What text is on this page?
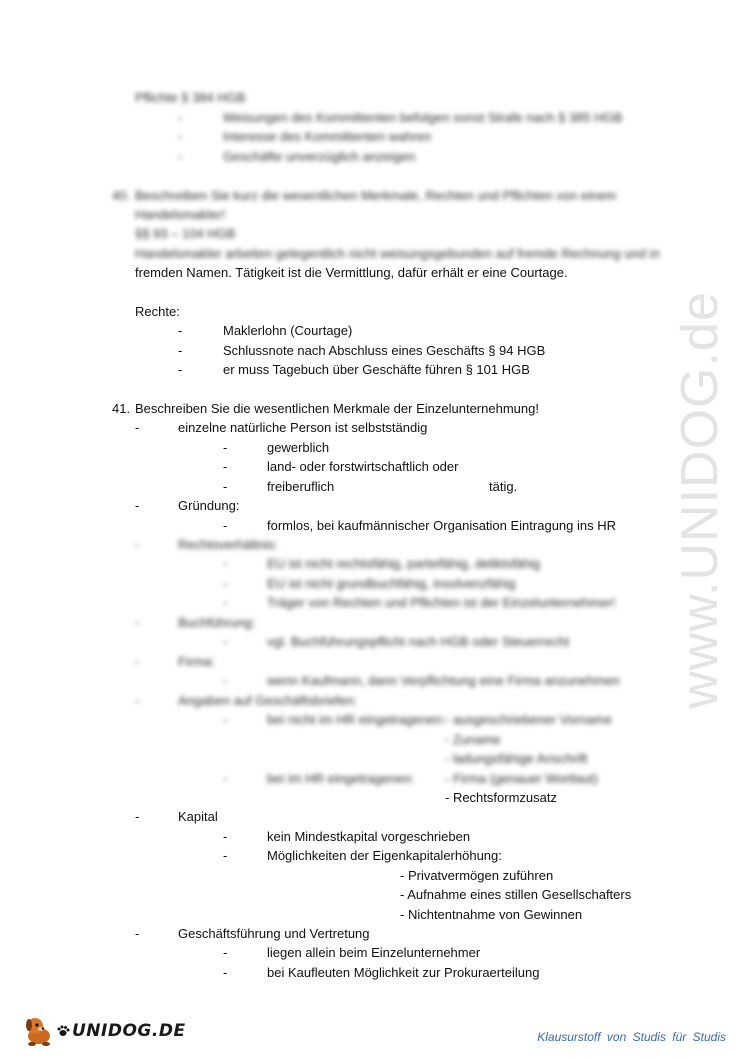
www.UNIDOG.de
Pflichte § 384 HGB
-	Weisungen des Kommittenten befolgen sonst Strafe nach § 385 HGB
-	Interesse des Kommittenten wahren
-	Geschäfte unverzüglich anzeigen
40. Beschreiben Sie kurz die wesentlichen Merkmale, Rechten und Pflichten von einem
Handelsmakler!
§§ 93 – 104 HGB
Handelsmakler arbeiten gelegentlich nicht weisungsgebunden auf fremde Rechnung und in
fremden Namen. Tätigkeit ist die Vermittlung, dafür erhält er eine Courtage.
Rechte:
-	Maklerlohn (Courtage)
-	Schlussnote nach Abschluss eines Geschäfts § 94 HGB
-	er muss Tagebuch über Geschäfte führen § 101 HGB
41. Beschreiben Sie die wesentlichen Merkmale der Einzelunternehmung!
-	einzelne natürliche Person ist selbstständig
-	gewerblich
-	land- oder forstwirtschaftlich oder
-	freiberuflich	tätig.
-	Gründung:
-	formlos, bei kaufmännischer Organisation Eintragung ins HR
-	Rechtsverhältnis:
-	EU ist nicht rechtsfähig, parteifähig, deliktsfähig
-	EU ist nicht grundbuchfähig, insolvenzfähig
-	Träger von Rechten und Pflichten ist der Einzelunternehmer!
-	Buchführung:
-	vgl. Buchführungspflicht nach HGB oder Steuerrecht
-	Firma:
-	wenn Kaufmann, dann Verpflichtung eine Firma anzunehmen
-	Angaben auf Geschäftsbriefen:
-	bei nicht im HR eingetragenen: - ausgeschriebener Vorname
- Zuname
- ladungsfähige Anschrift
-	bei im HR eingetragenen: - Firma (genauer Wortlaut)
- Rechtsformzusatz
-	Kapital
-	kein Mindestkapital vorgeschrieben
-	Möglichkeiten der Eigenkapitalerhöhung:
- Privatvermögen zuführen
- Aufnahme eines stillen Gesellschafters
- Nichtentnahme von Gewinnen
-	Geschäftsführung und Vertretung
-	liegen allein beim Einzelunternehmer
-	bei Kaufleuten Möglichkeit zur Prokuraerteilung
UNIDOG.DE	Klausurstoff von Studis für Studis
